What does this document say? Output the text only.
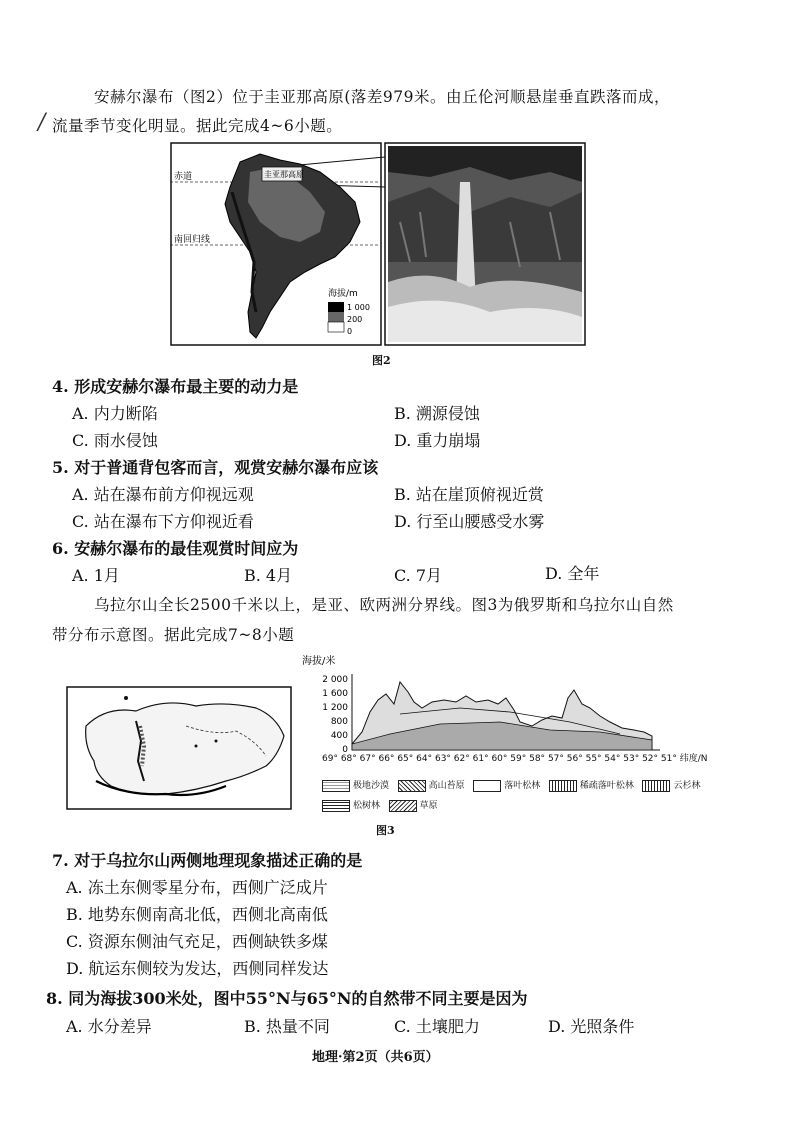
安赫尔瀑布（图2）位于圭亚那高原(落差979米。由丘伦河顺悬崖垂直跌落而成，
/ 流量季节变化明显。据此完成4~6小题。
赤道
南回归线
圭亚那高原
海拔/m
1 000
200
0
图2
4. 形成安赫尔瀑布最主要的动力是
A. 内力断陷	B. 溯源侵蚀
C. 雨水侵蚀	D. 重力崩塌
5. 对于普通背包客而言，观赏安赫尔瀑布应该
A. 站在瀑布前方仰视远观	B. 站在崖顶俯视近赏
C. 站在瀑布下方仰视近看	D. 行至山腰感受水雾
6. 安赫尔瀑布的最佳观赏时间应为
A. 1月	B. 4月	C. 7月	D. 全年
乌拉尔山全长2500千米以上，是亚、欧两洲分界线。图3为俄罗斯和乌拉尔山自然
带分布示意图。据此完成7~8小题
海拔/米
2 000
1 600
1 200
800
400
0
69° 68° 67° 66° 65° 64° 63° 62° 61° 60° 59° 58° 57° 56° 55° 54° 53° 52° 51° 纬度/N
极地沙漠	高山苔原	落叶松林	稀疏落叶松林	云杉林
松树林	草原
图3
7. 对于乌拉尔山两侧地理现象描述正确的是
A. 冻土东侧零星分布，西侧广泛成片
B. 地势东侧南高北低，西侧北高南低
C. 资源东侧油气充足，西侧缺铁多煤
D. 航运东侧较为发达，西侧同样发达
8. 同为海拔300米处，图中55°N与65°N的自然带不同主要是因为
A. 水分差异	B. 热量不同	C. 土壤肥力	D. 光照条件
地理·第2页（共6页）
